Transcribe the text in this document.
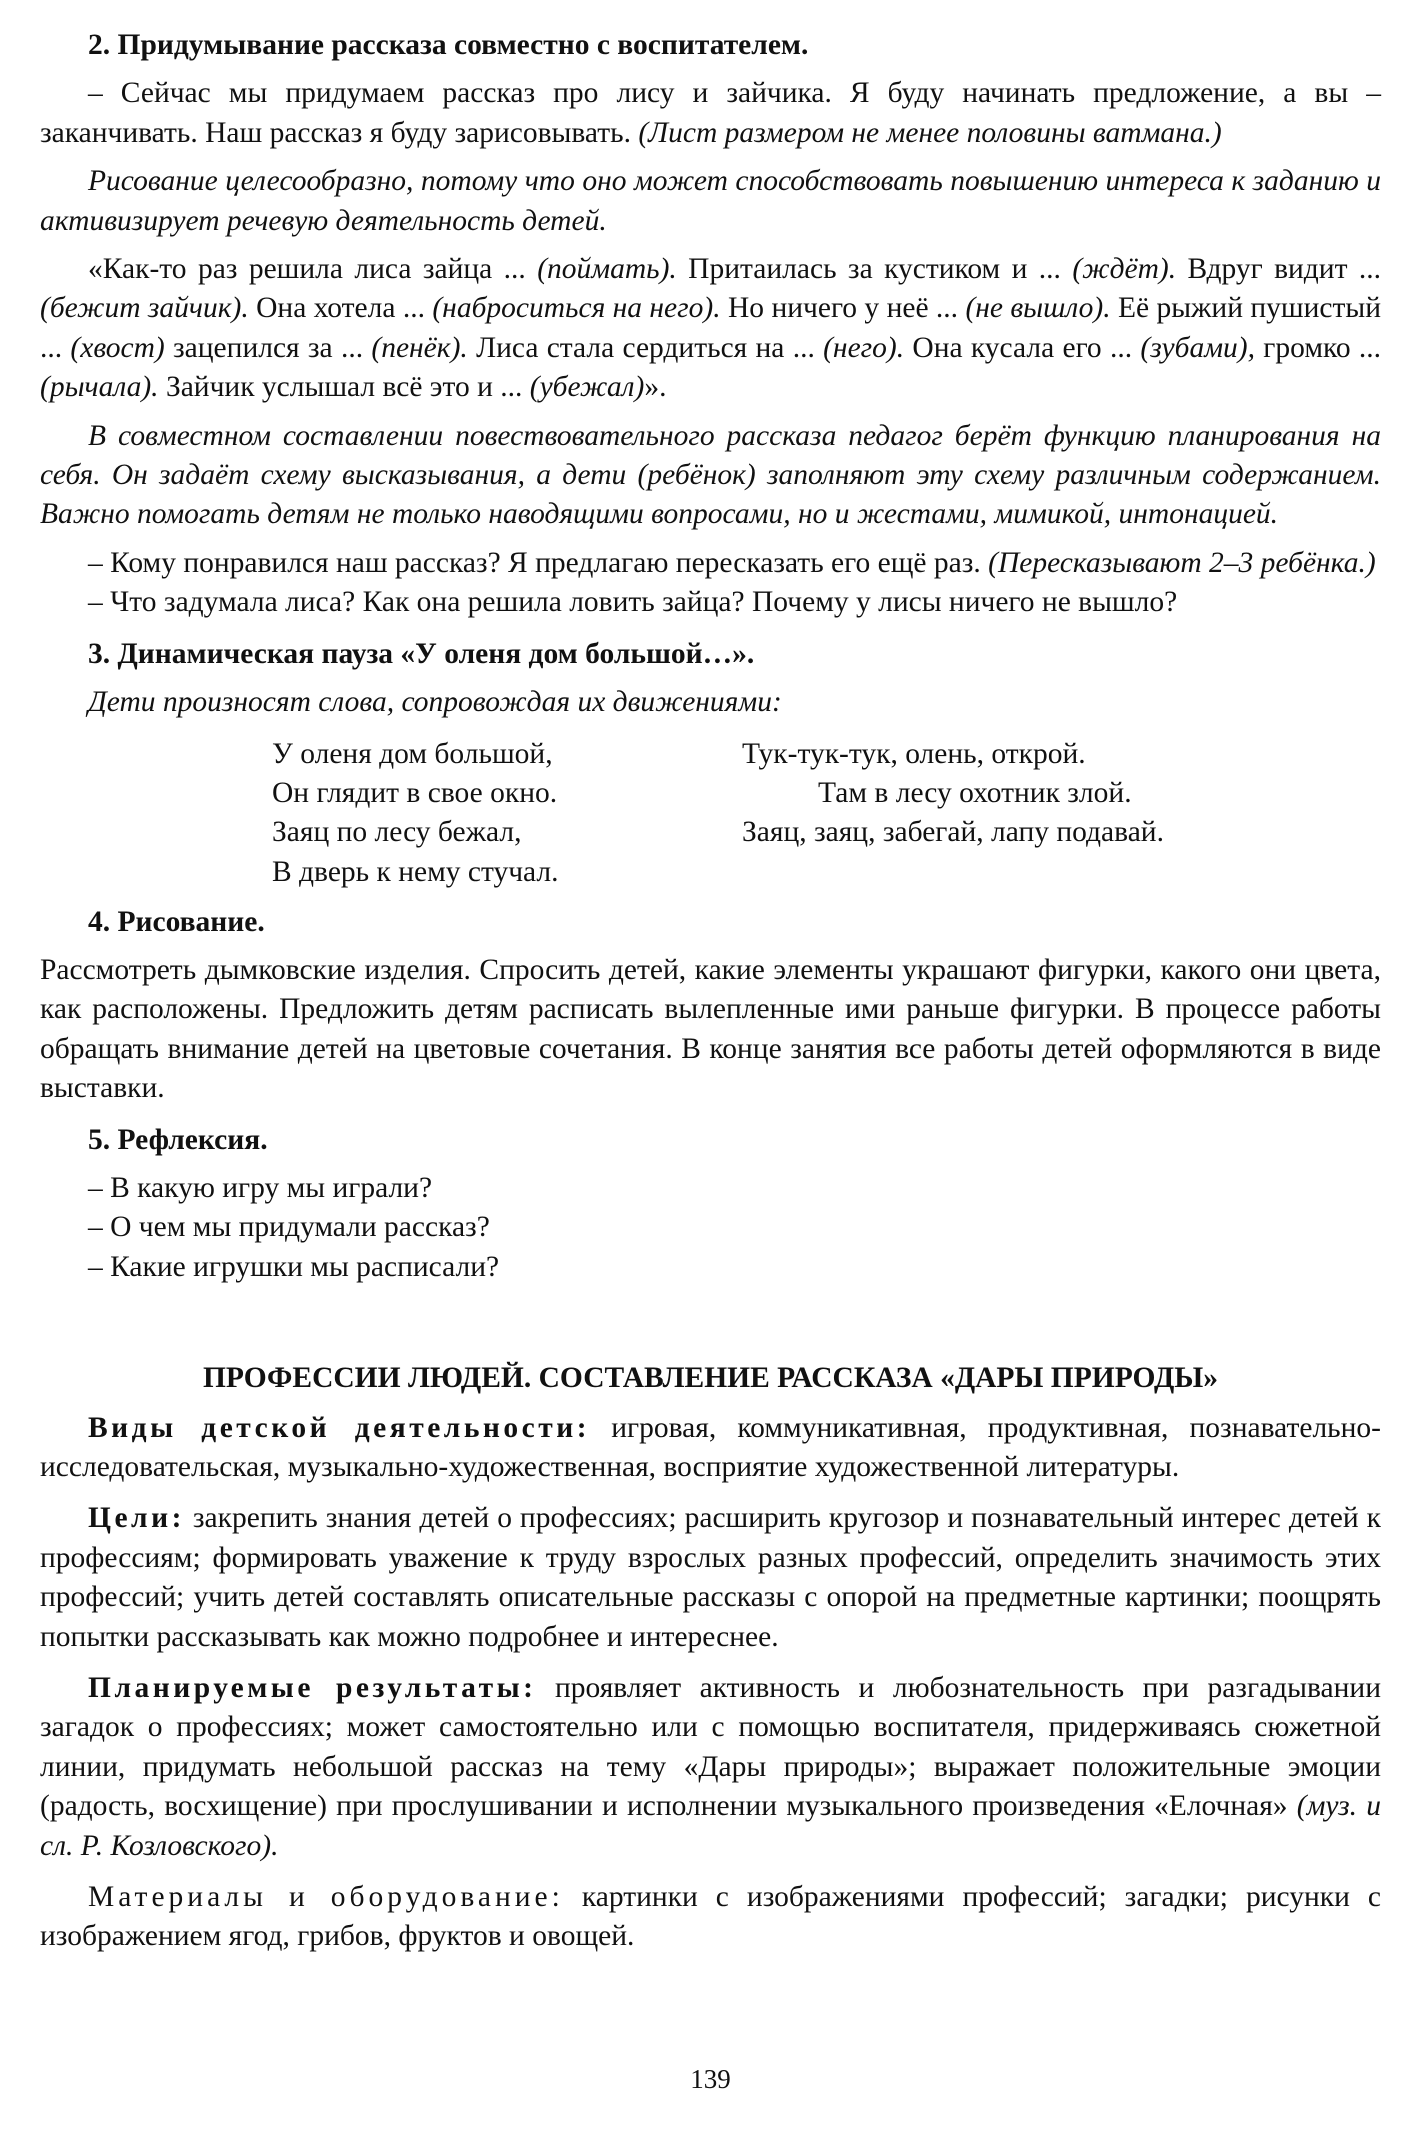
2. Придумывание рассказа совместно с воспитателем.

– Сейчас мы придумаем рассказ про лису и зайчика. Я буду начинать предложение, а вы – заканчивать. Наш рассказ я буду зарисовывать. (Лист размером не менее половины ватмана.)

Рисование целесообразно, потому что оно может способствовать повышению интереса к заданию и активизирует речевую деятельность детей.

«Как-то раз решила лиса зайца ... (поймать). Притаилась за кустиком и ... (ждёт). Вдруг видит ... (бежит зайчик). Она хотела ... (наброситься на него). Но ничего у неё ... (не вышло). Её рыжий пушистый ... (хвост) зацепился за ... (пенёк). Лиса стала сердиться на ... (него). Она кусала его ... (зубами), громко ... (рычала). Зайчик услышал всё это и ... (убежал)».

В совместном составлении повествовательного рассказа педагог берёт функцию планирования на себя. Он задаёт схему высказывания, а дети (ребёнок) заполняют эту схему различным содержанием. Важно помогать детям не только наводящими вопросами, но и жестами, мимикой, интонацией.

– Кому понравился наш рассказ? Я предлагаю пересказать его ещё раз. (Пересказывают 2–3 ребёнка.)

– Что задумала лиса? Как она решила ловить зайца? Почему у лисы ничего не вышло?

3. Динамическая пауза «У оленя дом большой…».

Дети произносят слова, сопровождая их движениями:

У оленя дом большой,
Он глядит в свое окно.
Заяц по лесу бежал,
В дверь к нему стучал.
Тук-тук-тук, олень, открой.
Там в лесу охотник злой.
Заяц, заяц, забегай, лапу подавай.

4. Рисование.

Рассмотреть дымковские изделия. Спросить детей, какие элементы украшают фигурки, какого они цвета, как расположены. Предложить детям расписать вылепленные ими раньше фигурки. В процессе работы обращать внимание детей на цветовые сочетания. В конце занятия все работы детей оформляются в виде выставки.

5. Рефлексия.

– В какую игру мы играли?

– О чем мы придумали рассказ?

– Какие игрушки мы расписали?

ПРОФЕССИИ ЛЮДЕЙ. СОСТАВЛЕНИЕ РАССКАЗА «ДАРЫ ПРИРОДЫ»

Виды детской деятельности: игровая, коммуникативная, продуктивная, познавательно-исследовательская, музыкально-художественная, восприятие художественной литературы.

Цели: закрепить знания детей о профессиях; расширить кругозор и познавательный интерес детей к профессиям; формировать уважение к труду взрослых разных профессий, определить значимость этих профессий; учить детей составлять описательные рассказы с опорой на предметные картинки; поощрять попытки рассказывать как можно подробнее и интереснее.

Планируемые результаты: проявляет активность и любознательность при разгадывании загадок о профессиях; может самостоятельно или с помощью воспитателя, придерживаясь сюжетной линии, придумать небольшой рассказ на тему «Дары природы»; выражает положительные эмоции (радость, восхищение) при прослушивании и исполнении музыкального произведения «Елочная» (муз. и сл. Р. Козловского).

Материалы и оборудование: картинки с изображениями профессий; загадки; рисунки с изображением ягод, грибов, фруктов и овощей.

139
